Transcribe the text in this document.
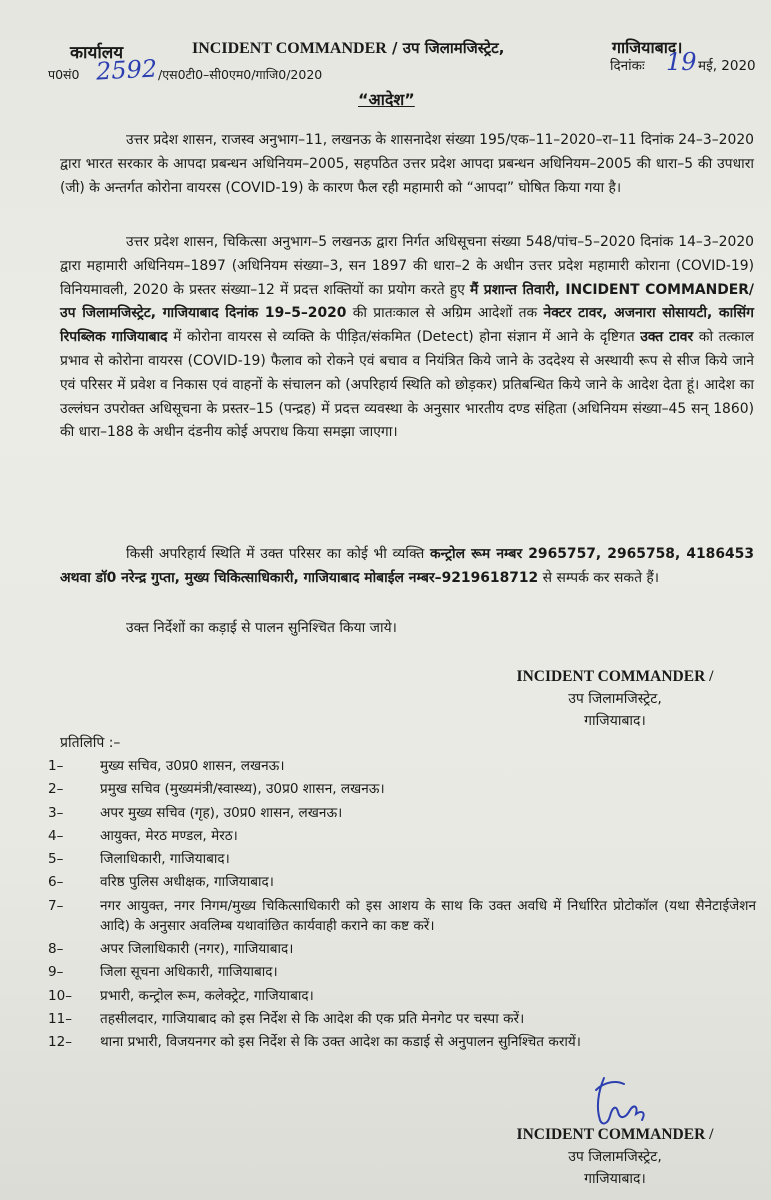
कार्यालय	INCIDENT COMMANDER / उप जिलामजिस्ट्रेट,	गाजियाबाद।
प0सं0 2592 /एस0टी0–सी0एम0/गाजि0/2020
दिनांकः 19 मई, 2020
“आदेश”
उत्तर प्रदेश शासन, राजस्व अनुभाग–11, लखनऊ के शासनादेश संख्या 195/एक–11–2020–रा–11 दिनांक 24–3–2020 द्वारा भारत सरकार के आपदा प्रबन्धन अधिनियम–2005, सहपठित उत्तर प्रदेश आपदा प्रबन्धन अधिनियम–2005 की धारा–5 की उपधारा (जी) के अन्तर्गत कोरोना वायरस (COVID-19) के कारण फैल रही महामारी को “आपदा” घोषित किया गया है।
उत्तर प्रदेश शासन, चिकित्सा अनुभाग–5 लखनऊ द्वारा निर्गत अधिसूचना संख्या 548/पांच–5–2020 दिनांक 14–3–2020 द्वारा महामारी अधिनियम–1897 (अधिनियम संख्या–3, सन 1897 की धारा–2 के अधीन उत्तर प्रदेश महामारी कोराना (COVID-19) विनियमावली, 2020 के प्रस्तर संख्या–12 में प्रदत्त शक्तियों का प्रयोग करते हुए मैं प्रशान्त तिवारी, INCIDENT COMMANDER/उप जिलामजिस्ट्रेट, गाजियाबाद दिनांक 19–5–2020 की प्रातःकाल से अग्रिम आदेशों तक नेक्टर टावर, अजनारा सोसायटी, कासिंग रिपब्लिक गाजियाबाद में कोरोना वायरस से व्यक्ति के पीड़ित/संकमित (Detect) होना संज्ञान में आने के दृष्टिगत उक्त टावर को तत्काल प्रभाव से कोरोना वायरस (COVID-19) फैलाव को रोकने एवं बचाव व नियंत्रित किये जाने के उददेश्य से अस्थायी रूप से सीज किये जाने एवं परिसर में प्रवेश व निकास एवं वाहनों के संचालन को (अपरिहार्य स्थिति को छोड़कर) प्रतिबन्धित किये जाने के आदेश देता हूं। आदेश का उल्लंघन उपरोक्त अधिसूचना के प्रस्तर–15 (पन्द्रह) में प्रदत्त व्यवस्था के अनुसार भारतीय दण्ड संहिता (अधिनियम संख्या–45 सन् 1860) की धारा–188 के अधीन दंडनीय कोई अपराध किया समझा जाएगा।
किसी अपरिहार्य स्थिति में उक्त परिसर का कोई भी व्यक्ति कन्ट्रोल रूम नम्बर 2965757, 2965758, 4186453 अथवा डॉ0 नरेन्द्र गुप्ता, मुख्य चिकित्साधिकारी, गाजियाबाद मोबाईल नम्बर–9219618712 से सम्पर्क कर सकते हैं।
उक्त निर्देशों का कड़ाई से पालन सुनिश्चित किया जाये।
INCIDENT COMMANDER /
उप जिलामजिस्ट्रेट,
गाजियाबाद।
प्रतिलिपि :–
1–	मुख्य सचिव, उ0प्र0 शासन, लखनऊ।
2–	प्रमुख सचिव (मुख्यमंत्री/स्वास्थ्य), उ0प्र0 शासन, लखनऊ।
3–	अपर मुख्य सचिव (गृह), उ0प्र0 शासन, लखनऊ।
4–	आयुक्त, मेरठ मण्डल, मेरठ।
5–	जिलाधिकारी, गाजियाबाद।
6–	वरिष्ठ पुलिस अधीक्षक, गाजियाबाद।
7–	नगर आयुक्त, नगर निगम/मुख्य चिकित्साधिकारी को इस आशय के साथ कि उक्त अवधि में निर्धारित प्रोटोकॉल (यथा सैनेटाईजेशन आदि) के अनुसार अवलिम्ब यथावांछित कार्यवाही कराने का कष्ट करें।
8–	अपर जिलाधिकारी (नगर), गाजियाबाद।
9–	जिला सूचना अधिकारी, गाजियाबाद।
10–	प्रभारी, कन्ट्रोल रूम, कलेक्ट्रेट, गाजियाबाद।
11–	तहसीलदार, गाजियाबाद को इस निर्देश से कि आदेश की एक प्रति मेनगेट पर चस्पा करें।
12–	थाना प्रभारी, विजयनगर को इस निर्देश से कि उक्त आदेश का कडाई से अनुपालन सुनिश्चित करायें।
INCIDENT COMMANDER /
उप जिलामजिस्ट्रेट,
गाजियाबाद।
